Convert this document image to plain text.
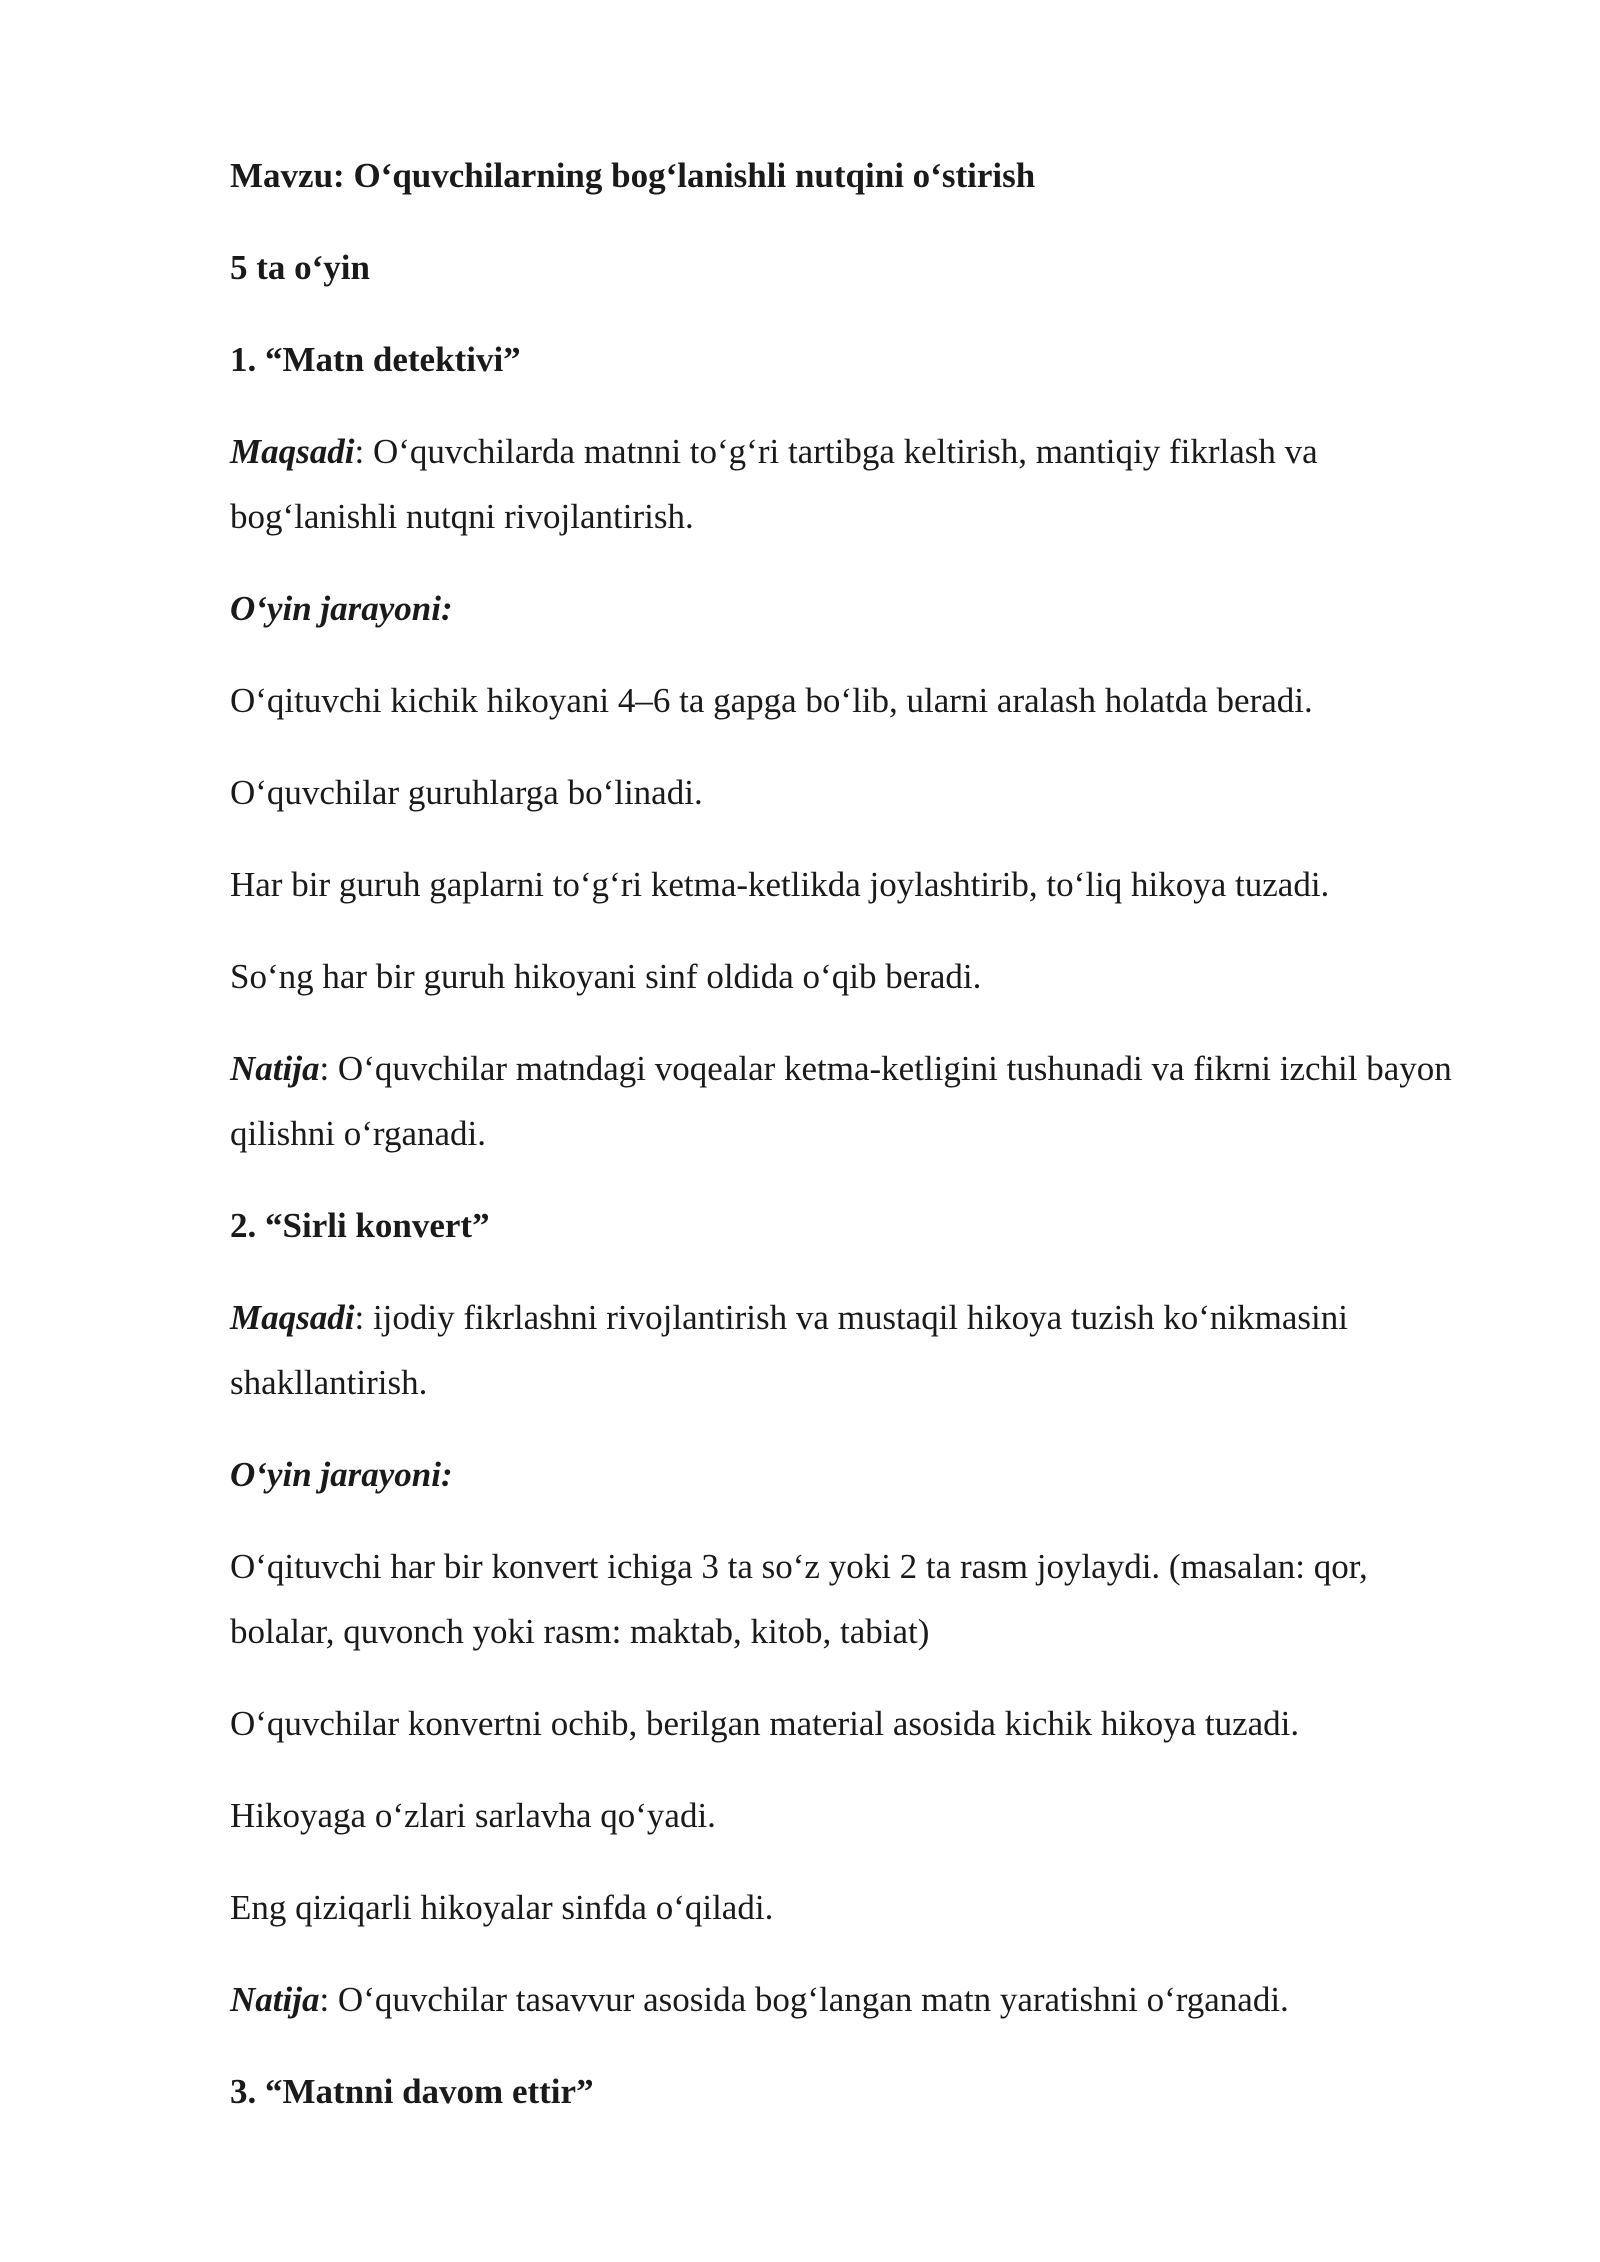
Mavzu: O‘quvchilarning bog‘lanishli nutqini o‘stirish

5 ta o‘yin

1. “Matn detektivi”

Maqsadi: O‘quvchilarda matnni to‘g‘ri tartibga keltirish, mantiqiy fikrlash va bog‘lanishli nutqni rivojlantirish.

O‘yin jarayoni:

O‘qituvchi kichik hikoyani 4–6 ta gapga bo‘lib, ularni aralash holatda beradi.

O‘quvchilar guruhlarga bo‘linadi.

Har bir guruh gaplarni to‘g‘ri ketma-ketlikda joylashtirib, to‘liq hikoya tuzadi.

So‘ng har bir guruh hikoyani sinf oldida o‘qib beradi.

Natija: O‘quvchilar matndagi voqealar ketma-ketligini tushunadi va fikrni izchil bayon qilishni o‘rganadi.

2. “Sirli konvert”

Maqsadi: ijodiy fikrlashni rivojlantirish va mustaqil hikoya tuzish ko‘nikmasini shakllantirish.

O‘yin jarayoni:

O‘qituvchi har bir konvert ichiga 3 ta so‘z yoki 2 ta rasm joylaydi. (masalan: qor, bolalar, quvonch yoki rasm: maktab, kitob, tabiat)

O‘quvchilar konvertni ochib, berilgan material asosida kichik hikoya tuzadi.

Hikoyaga o‘zlari sarlavha qo‘yadi.

Eng qiziqarli hikoyalar sinfda o‘qiladi.

Natija: O‘quvchilar tasavvur asosida bog‘langan matn yaratishni o‘rganadi.

3. “Matnni davom ettir”
